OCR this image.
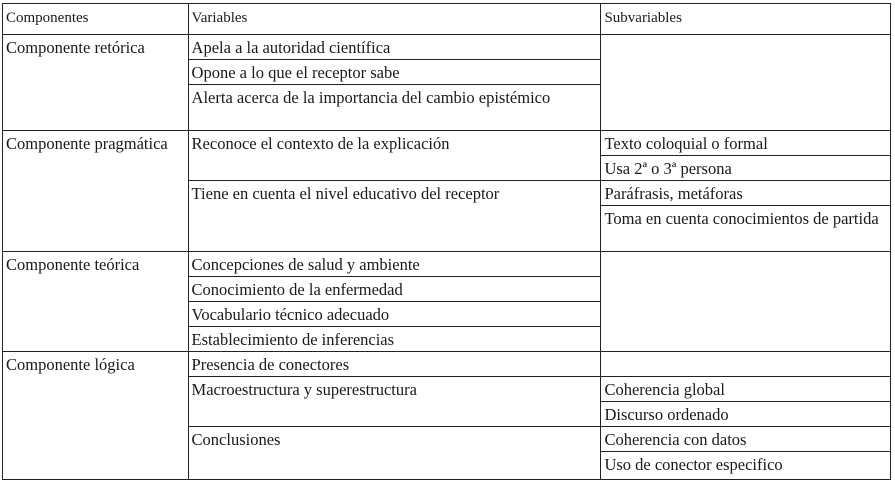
Componentes	Variables	Subvariables
Componente retórica	Apela a la autoridad científica	
	Opone a lo que el receptor sabe	
	Alerta acerca de la importancia del cambio epistémico	
Componente pragmática	Reconoce el contexto de la explicación	Texto coloquial o formal
		Usa 2ª o 3ª persona
	Tiene en cuenta el nivel educativo del receptor	Paráfrasis, metáforas
		Toma en cuenta conocimientos de partida
Componente teórica	Concepciones de salud y ambiente	
	Conocimiento de la enfermedad	
	Vocabulario técnico adecuado	
	Establecimiento de inferencias	
Componente lógica	Presencia de conectores	
	Macroestructura y superestructura	Coherencia global
		Discurso ordenado
	Conclusiones	Coherencia con datos
		Uso de conector especifico
